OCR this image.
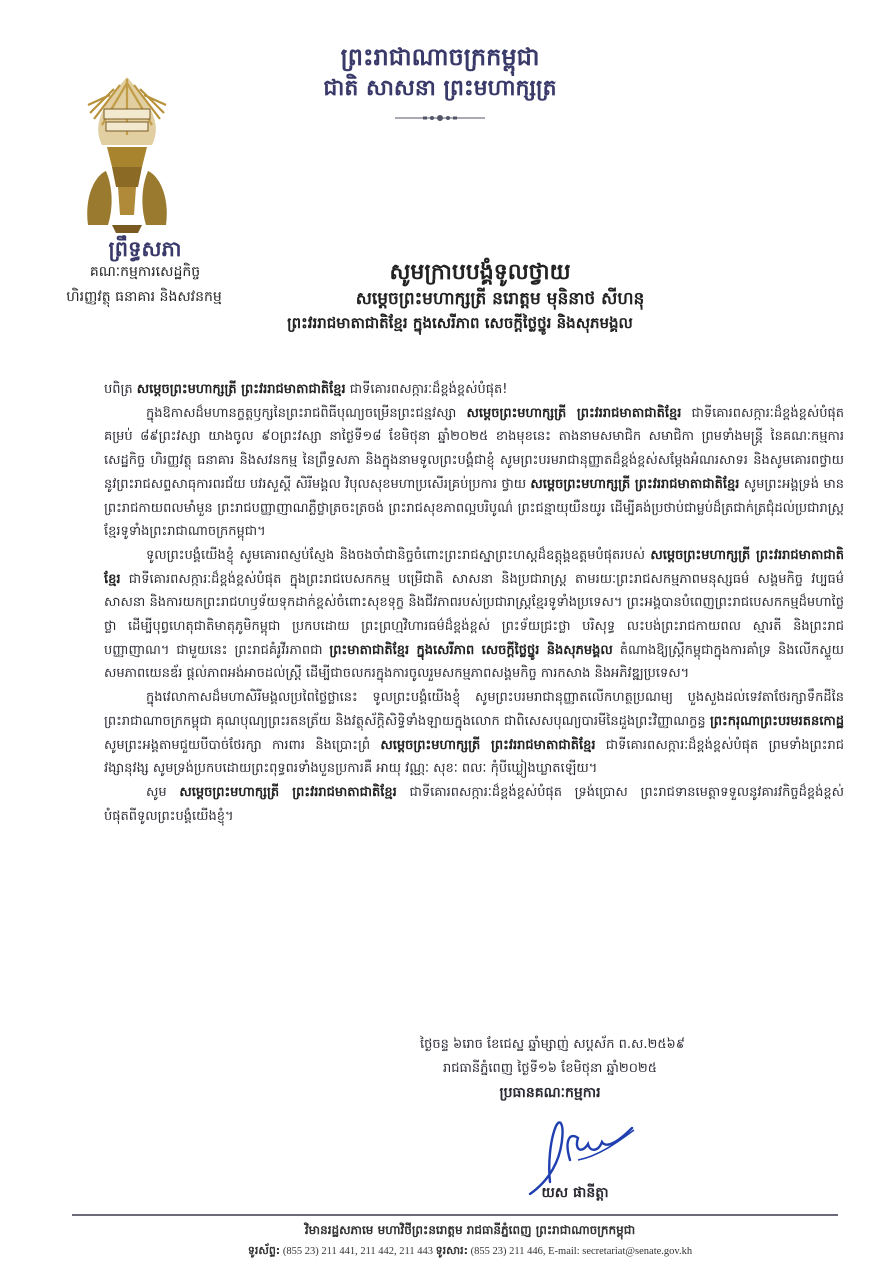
ព្រះរាជាណាចក្រកម្ពុជា
ជាតិ សាសនា ព្រះមហាក្សត្រ
ព្រឹទ្ធសភា
គណៈកម្មការសេដ្ឋកិច្ច
ហិរញ្ញវត្ថុ ធនាគារ និងសវនកម្ម
សូមក្រាបបង្គំទូលថ្វាយ
សម្ដេចព្រះមហាក្សត្រី នរោត្តម មុនិនាថ សីហនុ
ព្រះវររាជមាតាជាតិខ្មែរ ក្នុងសេរីភាព សេចក្ដីថ្លៃថ្នូរ និងសុភមង្គល

បពិត្រ សម្ដេចព្រះមហាក្សត្រី ព្រះវររាជមាតាជាតិខ្មែរ ជាទីគោរពសក្ការៈដ៏ខ្ពង់ខ្ពស់បំផុត!

ក្នុងឱកាសដ៏មហានក្ខត្តឫក្សនៃព្រះរាជពិធីបុណ្យចម្រើនព្រះជន្មវស្សា សម្ដេចព្រះមហាក្សត្រី ព្រះវររាជមាតាជាតិខ្មែរ ជាទីគោរពសក្ការៈដ៏ខ្ពង់ខ្ពស់បំផុត គម្រប់ ៨៩ព្រះវស្សា យាងចូល ៩០ព្រះវស្សា នាថ្ងៃទី១៨ ខែមិថុនា ឆ្នាំ២០២៥ ខាងមុខនេះ តាងនាមសមាជិក សមាជិកា ព្រមទាំងមន្ត្រី នៃគណៈកម្មការសេដ្ឋកិច្ច ហិរញ្ញវត្ថុ ធនាគារ និងសវនកម្ម នៃព្រឹទ្ធសភា និងក្នុងនាមទូលព្រះបង្គំជាខ្ញុំ សូមព្រះបរមរាជានុញ្ញាតដ៏ខ្ពង់ខ្ពស់សម្ដែងអំណរសាទរ និងសូមគោរពថ្វាយនូវព្រះរាជសព្ទសាធុការពរជ័យ បវរសួស្ដី សិរីមង្គល វិបុលសុខមហាប្រសើរគ្រប់ប្រការ ថ្វាយ សម្ដេចព្រះមហាក្សត្រី ព្រះវររាជមាតាជាតិខ្មែរ សូមព្រះអង្គទ្រង់ មានព្រះរាជកាយពលមាំមួន ព្រះរាជបញ្ញាញាណភ្លឺថ្លាត្រចះត្រចង់ ព្រះរាជសុខភាពល្អបរិបូណ៌ ព្រះជន្មាយុយឺនយូរ ដើម្បីគង់ប្រថាប់ជាម្លប់ដ៏ត្រជាក់ត្រជុំដល់ប្រជារាស្ត្រខ្មែរទូទាំងព្រះរាជាណាចក្រកម្ពុជា។

ទូលព្រះបង្គំយើងខ្ញុំ សូមគោរពស្ញប់ស្ញែង និងចងចាំជានិច្ចចំពោះព្រះរាជស្នាព្រះហស្ដដ៏ឧត្ដុង្គឧត្ដមបំផុតរបស់ សម្ដេចព្រះមហាក្សត្រី ព្រះវររាជមាតាជាតិខ្មែរ ជាទីគោរពសក្ការៈដ៏ខ្ពង់ខ្ពស់បំផុត ក្នុងព្រះរាជបេសកកម្ម បម្រើជាតិ សាសនា និងប្រជារាស្ត្រ តាមរយៈព្រះរាជសកម្មភាពមនុស្សធម៌ សង្គមកិច្ច វប្បធម៌ សាសនា និងការយកព្រះរាជហឫទ័យទុកដាក់ខ្ពស់ចំពោះសុខទុក្ខ និងជីវភាពរបស់ប្រជារាស្ត្រខ្មែរទូទាំងប្រទេស។ ព្រះអង្គបានបំពេញព្រះរាជបេសកកម្មដ៏មហាថ្លៃថ្លា ដើម្បីបុព្វហេតុជាតិមាតុភូមិកម្ពុជា ប្រកបដោយ ព្រះព្រហ្មវិហារធម៌ដ៏ខ្ពង់ខ្ពស់ ព្រះទ័យជ្រះថ្លា បរិសុទ្ធ លះបង់ព្រះរាជកាយពល ស្មារតី និងព្រះរាជបញ្ញាញាណ។ ជាមួយនេះ ព្រះរាជគំរូវីរភាពជា ព្រះមាតាជាតិខ្មែរ ក្នុងសេរីភាព សេចក្ដីថ្លៃថ្នូរ និងសុភមង្គល តំណាងឱ្យស្ត្រីកម្ពុជាក្នុងការគាំទ្រ និងលើកស្ទួយសមភាពយេនឌ័រ ផ្ដល់ភាពអង់អាចដល់ស្ត្រី ដើម្បីជាចលករក្នុងការចូលរួមសកម្មភាពសង្គមកិច្ច ការកសាង និងអភិវឌ្ឍប្រទេស។

ក្នុងវេលាកាសដ៏មហាសិរីមង្គលប្រពៃថ្លៃថ្លានេះ ទូលព្រះបង្គំយើងខ្ញុំ សូមព្រះបរមរាជានុញ្ញាតលើកហត្ថប្រណម្យ បួងសួងដល់ទេវតាថែរក្សាទឹកដីនៃព្រះរាជាណាចក្រកម្ពុជា គុណបុណ្យព្រះរតនត្រ័យ និងវត្ថុស័ក្តិសិទ្ធិទាំងឡាយក្នុងលោក ជាពិសេសបុណ្យបារមីនៃដួងព្រះវិញ្ញាណក្ខន្ធ ព្រះករុណាព្រះបរមរតនកោដ្ឋ សូមព្រះអង្គតាមជួយបីបាច់ថែរក្សា ការពារ និងប្រោះព្រំ សម្ដេចព្រះមហាក្សត្រី ព្រះវររាជមាតាជាតិខ្មែរ ជាទីគោរពសក្ការៈដ៏ខ្ពង់ខ្ពស់បំផុត ព្រមទាំងព្រះរាជវង្សានុវង្ស សូមទ្រង់ប្រកបដោយព្រះពុទ្ធពរទាំងបួនប្រការគឺ អាយុ វណ្ណៈ សុខៈ ពលៈ កុំបីឃ្លៀងឃ្លាតឡើយ។

សូម សម្ដេចព្រះមហាក្សត្រី ព្រះវររាជមាតាជាតិខ្មែរ ជាទីគោរពសក្ការៈដ៏ខ្ពង់ខ្ពស់បំផុត ទ្រង់ប្រោស ព្រះរាជទានមេត្តាទទួលនូវគារវកិច្ចដ៏ខ្ពង់ខ្ពស់បំផុតពីទូលព្រះបង្គំយើងខ្ញុំ។

ថ្ងៃចន្ទ ៦រោច ខែជេស្ឋ ឆ្នាំម្សាញ់ សប្តស័ក ព.ស.២៥៦៩
រាជធានីភ្នំពេញ ថ្ងៃទី១៦ ខែមិថុនា ឆ្នាំ២០២៥
ប្រធានគណៈកម្មការ
យស ផានីត្តា
វិមានរដ្ឋសភាមេ មហាវិថីព្រះនរោត្តម រាជធានីភ្នំពេញ ព្រះរាជាណាចក្រកម្ពុជា
ទូរស័ព្ទ: (855 23) 211 441, 211 442, 211 443 ទូរសារ: (855 23) 211 446, E-mail: secretariat@senate.gov.kh
